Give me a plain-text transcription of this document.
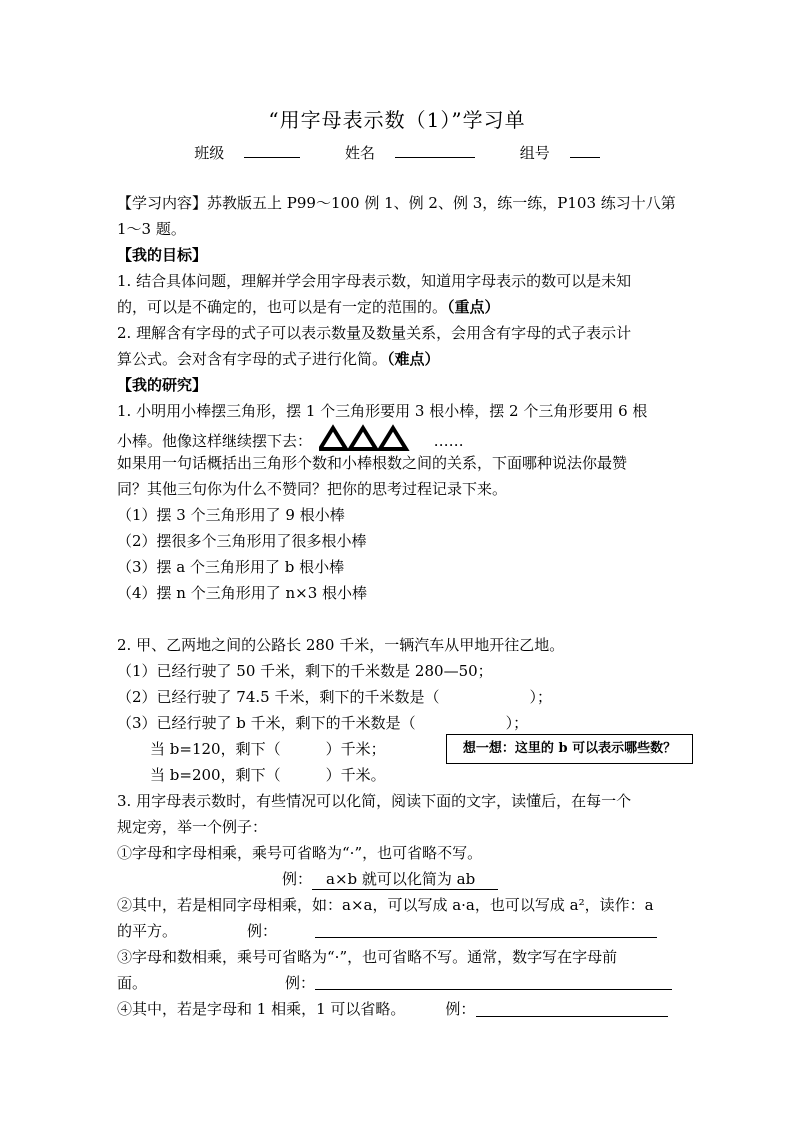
“用字母表示数（1）”学习单
班级	姓名	组号
【学习内容】苏教版五上 P99～100 例 1、例 2、例 3，练一练，P103 练习十八第
1～3 题。
【我的目标】
1. 结合具体问题，理解并学会用字母表示数，知道用字母表示的数可以是未知
的，可以是不确定的，也可以是有一定的范围的。（重点）
2. 理解含有字母的式子可以表示数量及数量关系，会用含有字母的式子表示计
算公式。会对含有字母的式子进行化简。（难点）
【我的研究】
1. 小明用小棒摆三角形，摆 1 个三角形要用 3 根小棒，摆 2 个三角形要用 6 根
小棒。他像这样继续摆下去：	……
如果用一句话概括出三角形个数和小棒根数之间的关系，下面哪种说法你最赞
同？其他三句你为什么不赞同？把你的思考过程记录下来。
（1）摆 3 个三角形用了 9 根小棒
（2）摆很多个三角形用了很多根小棒
（3）摆 a 个三角形用了 b 根小棒
（4）摆 n 个三角形用了 n×3 根小棒
2. 甲、乙两地之间的公路长 280 千米，一辆汽车从甲地开往乙地。
（1）已经行驶了 50 千米，剩下的千米数是 280—50；
（2）已经行驶了 74.5 千米，剩下的千米数是（　　　　　　）；
（3）已经行驶了 b 千米，剩下的千米数是（　　　　　　）；
当 b=120，剩下（　　　）千米；
当 b=200，剩下（　　　）千米。
想一想：这里的 b 可以表示哪些数？
3. 用字母表示数时，有些情况可以化简，阅读下面的文字，读懂后，在每一个
规定旁，举一个例子：
①字母和字母相乘，乘号可省略为“·”，也可省略不写。
例： a×b 就可以化简为 ab
②其中，若是相同字母相乘，如：a×a，可以写成 a·a，也可以写成 a²，读作：a
的平方。	例：
③字母和数相乘，乘号可省略为“·”，也可省略不写。通常，数字写在字母前
面。	例：
④其中，若是字母和 1 相乘，1 可以省略。	例：
